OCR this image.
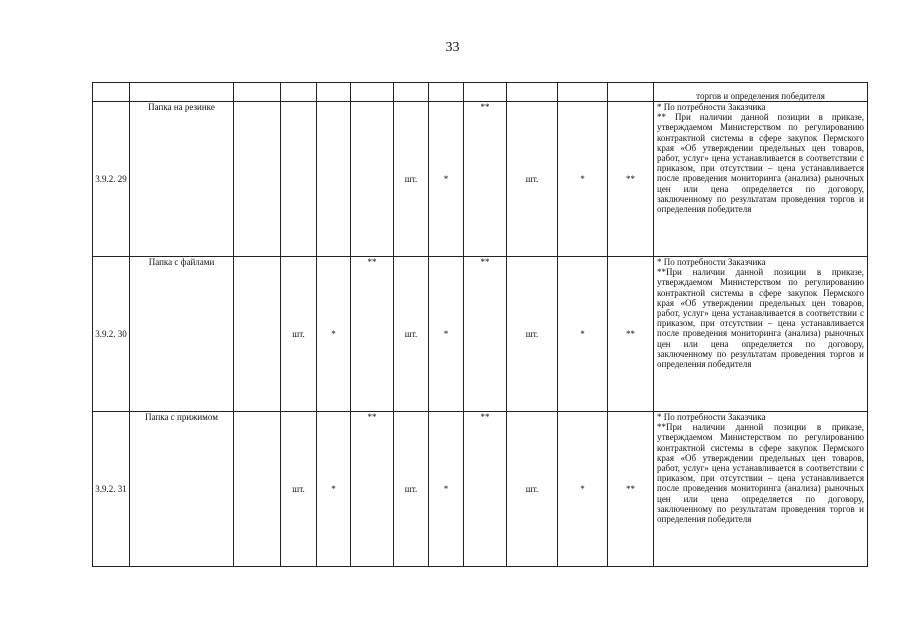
33
												торгов и определения победителя
3.9.2. 29	Папка на резинке					шт.	*	**	шт.	*	**	* По потребности Заказчика
** При наличии данной позиции в приказе, утверждаемом Министерством по регулированию контрактной системы в сфере закупок Пермского края «Об утверждении предельных цен товаров, работ, услуг» цена устанавливается в соответствии с приказом, при отсутствии – цена устанавливается после проведения мониторинга (анализа) рыночных цен или цена определяется по договору, заключенному по результатам проведения торгов и определения победителя

3.9.2. 30	Папка с файлами		шт.	*	**	шт.	*	**	шт.	*	**	* По потребности Заказчика
**При наличии данной позиции в приказе, утверждаемом Министерством по регулированию контрактной системы в сфере закупок Пермского края «Об утверждении предельных цен товаров, работ, услуг» цена устанавливается в соответствии с приказом, при отсутствии – цена устанавливается после проведения мониторинга (анализа) рыночных цен или цена определяется по договору, заключенному по результатам проведения торгов и определения победителя

3.9.2. 31	Папка с прижимом		шт.	*	**	шт.	*	**	шт.	*	**	* По потребности Заказчика
**При наличии данной позиции в приказе, утверждаемом Министерством по регулированию контрактной системы в сфере закупок Пермского края «Об утверждении предельных цен товаров, работ, услуг» цена устанавливается в соответствии с приказом, при отсутствии – цена устанавливается после проведения мониторинга (анализа) рыночных цен или цена определяется по договору, заключенному по результатам проведения торгов и определения победителя
